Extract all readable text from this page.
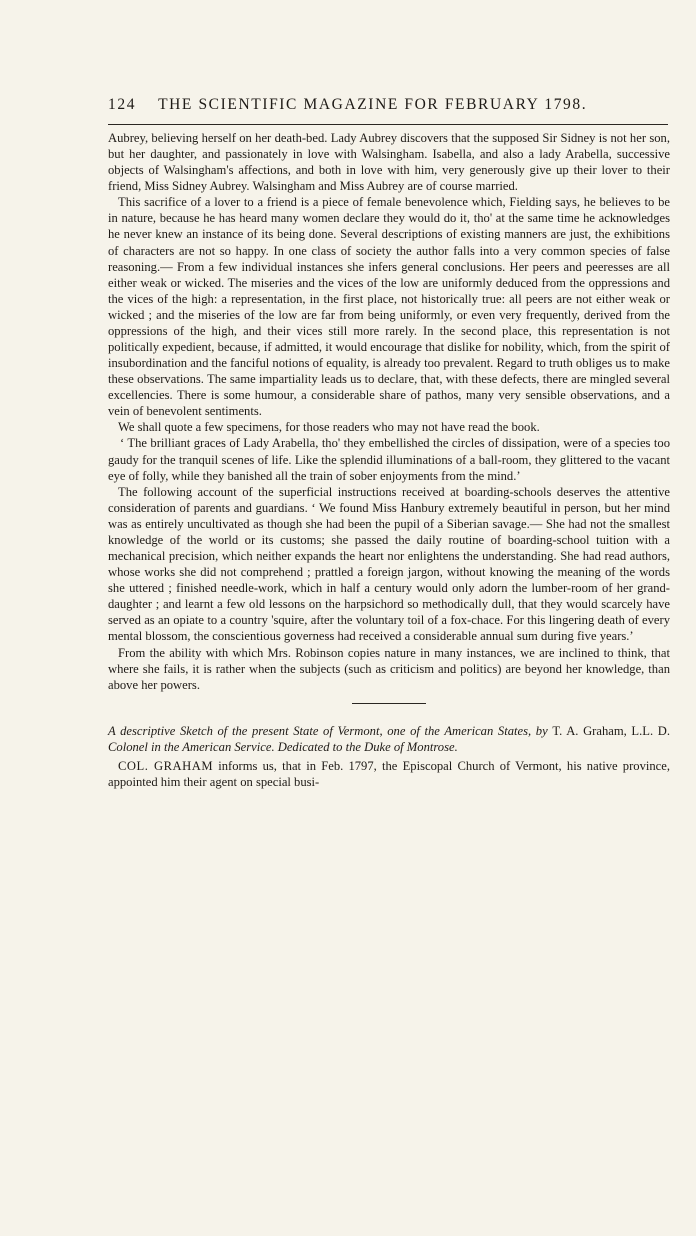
124 THE SCIENTIFIC MAGAZINE FOR FEBRUARY 1798.

Aubrey, believing herself on her death-bed. Lady Aubrey discovers that the supposed Sir Sidney is not her son, but her daughter, and passionately in love with Walsingham. Isabella, and also a lady Arabella, successive objects of Walsingham's affections, and both in love with him, very generously give up their lover to their friend, Miss Sidney Aubrey. Walsingham and Miss Aubrey are of course married.

This sacrifice of a lover to a friend is a piece of female benevolence which, Fielding says, he believes to be in nature, because he has heard many women declare they would do it, tho' at the same time he acknowledges he never knew an instance of its being done. Several descriptions of existing manners are just, the exhibitions of characters are not so happy. In one class of society the author falls into a very common species of false reasoning.— From a few individual instances she infers general conclusions. Her peers and peeresses are all either weak or wicked. The miseries and the vices of the low are uniformly deduced from the oppressions and the vices of the high: a representation, in the first place, not historically true: all peers are not either weak or wicked ; and the miseries of the low are far from being uniformly, or even very frequently, derived from the oppressions of the high, and their vices still more rarely. In the second place, this representation is not politically expedient, because, if admitted, it would encourage that dislike for nobility, which, from the spirit of insubordination and the fanciful notions of equality, is already too prevalent. Regard to truth obliges us to make these observations. The same impartiality leads us to declare, that, with these defects, there are mingled several excellencies. There is some humour, a considerable share of pathos, many very sensible observations, and a vein of benevolent sentiments.

We shall quote a few specimens, for those readers who may not have read the book.

‘ The brilliant graces of Lady Arabella, tho' they embellished the circles of dissipation, were of a species too gaudy for the tranquil scenes of life. Like the splendid illuminations of a ball-room, they glittered to the vacant eye of folly, while they banished all the train of sober enjoyments from the mind.’

The following account of the superficial instructions received at boarding-schools deserves the attentive consideration of parents and guardians. ‘ We found Miss Hanbury extremely beautiful in person, but her mind was as entirely uncultivated as though she had been the pupil of a Siberian savage.— She had not the smallest knowledge of the world or its customs; she passed the daily routine of boarding-school tuition with a mechanical precision, which neither expands the heart nor enlightens the understanding. She had read authors, whose works she did not comprehend ; prattled a foreign jargon, without knowing the meaning of the words she uttered ; finished needle-work, which in half a century would only adorn the lumber-room of her grand-daughter ; and learnt a few old lessons on the harpsichord so methodically dull, that they would scarcely have served as an opiate to a country 'squire, after the voluntary toil of a fox-chace. For this lingering death of every mental blossom, the conscientious governess had received a considerable annual sum during five years.’

From the ability with which Mrs. Robinson copies nature in many instances, we are inclined to think, that where she fails, it is rather when the subjects (such as criticism and politics) are beyond her knowledge, than above her powers.

A descriptive Sketch of the present State of Vermont, one of the American States, by T. A. Graham, L.L. D. Colonel in the American Service. Dedicated to the Duke of Montrose.

COL. GRAHAM informs us, that in Feb. 1797, the Episcopal Church of Vermont, his native province, appointed him their agent on special busi-
